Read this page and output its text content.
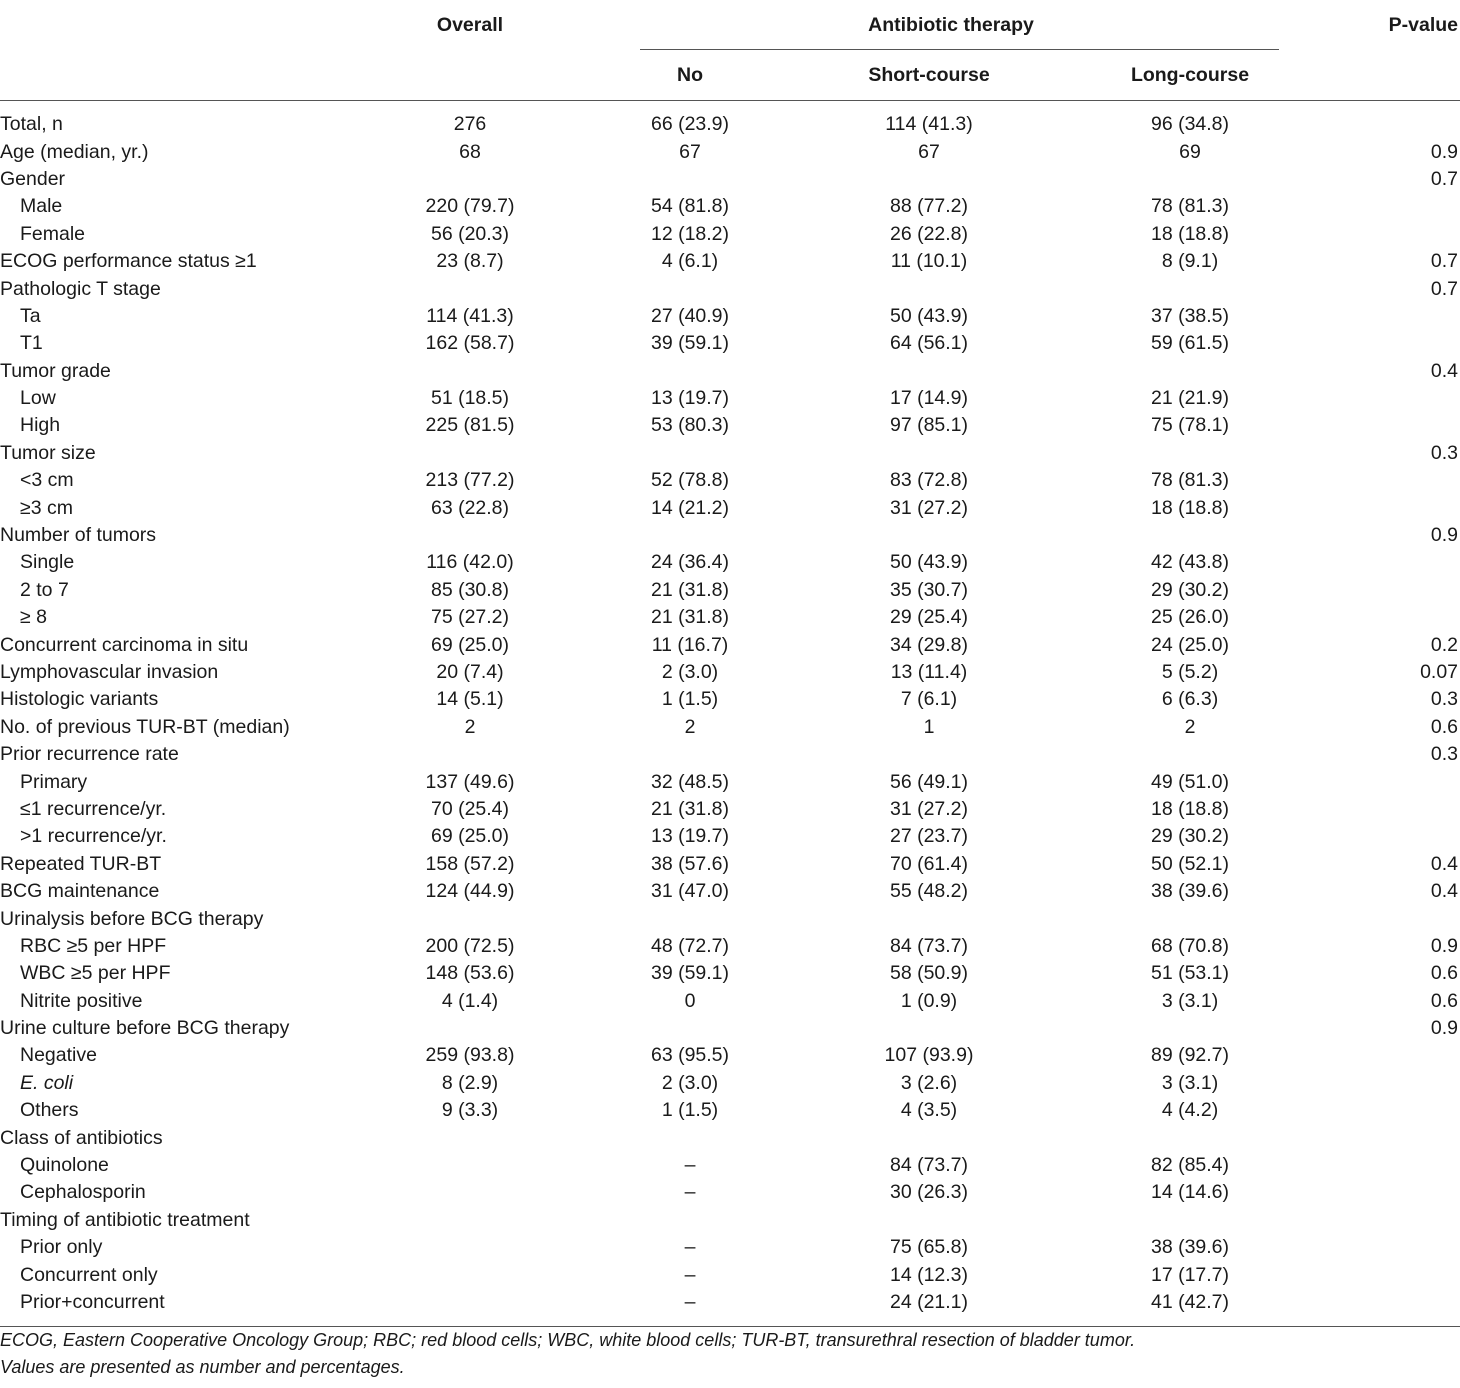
	Overall	Antibiotic therapy			P-value
		No	Short-course	Long-course	
Total, n	276	66 (23.9)	114 (41.3)	96 (34.8)	
Age (median, yr.)	68	67	67	69	0.9
Gender					0.7
Male	220 (79.7)	54 (81.8)	88 (77.2)	78 (81.3)	
Female	56 (20.3)	12 (18.2)	26 (22.8)	18 (18.8)	
ECOG performance status ≥1	23 (8.7)	4 (6.1)	11 (10.1)	8 (9.1)	0.7
Pathologic T stage					0.7
Ta	114 (41.3)	27 (40.9)	50 (43.9)	37 (38.5)	
T1	162 (58.7)	39 (59.1)	64 (56.1)	59 (61.5)	
Tumor grade					0.4
Low	51 (18.5)	13 (19.7)	17 (14.9)	21 (21.9)	
High	225 (81.5)	53 (80.3)	97 (85.1)	75 (78.1)	
Tumor size					0.3
<3 cm	213 (77.2)	52 (78.8)	83 (72.8)	78 (81.3)	
≥3 cm	63 (22.8)	14 (21.2)	31 (27.2)	18 (18.8)	
Number of tumors					0.9
Single	116 (42.0)	24 (36.4)	50 (43.9)	42 (43.8)	
2 to 7	85 (30.8)	21 (31.8)	35 (30.7)	29 (30.2)	
≥ 8	75 (27.2)	21 (31.8)	29 (25.4)	25 (26.0)	
Concurrent carcinoma in situ	69 (25.0)	11 (16.7)	34 (29.8)	24 (25.0)	0.2
Lymphovascular invasion	20 (7.4)	2 (3.0)	13 (11.4)	5 (5.2)	0.07
Histologic variants	14 (5.1)	1 (1.5)	7 (6.1)	6 (6.3)	0.3
No. of previous TUR-BT (median)	2	2	1	2	0.6
Prior recurrence rate					0.3
Primary	137 (49.6)	32 (48.5)	56 (49.1)	49 (51.0)	
≤1 recurrence/yr.	70 (25.4)	21 (31.8)	31 (27.2)	18 (18.8)	
>1 recurrence/yr.	69 (25.0)	13 (19.7)	27 (23.7)	29 (30.2)	
Repeated TUR-BT	158 (57.2)	38 (57.6)	70 (61.4)	50 (52.1)	0.4
BCG maintenance	124 (44.9)	31 (47.0)	55 (48.2)	38 (39.6)	0.4
Urinalysis before BCG therapy					
RBC ≥5 per HPF	200 (72.5)	48 (72.7)	84 (73.7)	68 (70.8)	0.9
WBC ≥5 per HPF	148 (53.6)	39 (59.1)	58 (50.9)	51 (53.1)	0.6
Nitrite positive	4 (1.4)	0	1 (0.9)	3 (3.1)	0.6
Urine culture before BCG therapy					0.9
Negative	259 (93.8)	63 (95.5)	107 (93.9)	89 (92.7)	
E. coli	8 (2.9)	2 (3.0)	3 (2.6)	3 (3.1)	
Others	9 (3.3)	1 (1.5)	4 (3.5)	4 (4.2)	
Class of antibiotics					
Quinolone		–	84 (73.7)	82 (85.4)	
Cephalosporin		–	30 (26.3)	14 (14.6)	
Timing of antibiotic treatment					
Prior only		–	75 (65.8)	38 (39.6)	
Concurrent only		–	14 (12.3)	17 (17.7)	
Prior+concurrent		–	24 (21.1)	41 (42.7)	
ECOG, Eastern Cooperative Oncology Group; RBC; red blood cells; WBC, white blood cells; TUR-BT, transurethral resection of bladder tumor.
Values are presented as number and percentages.
